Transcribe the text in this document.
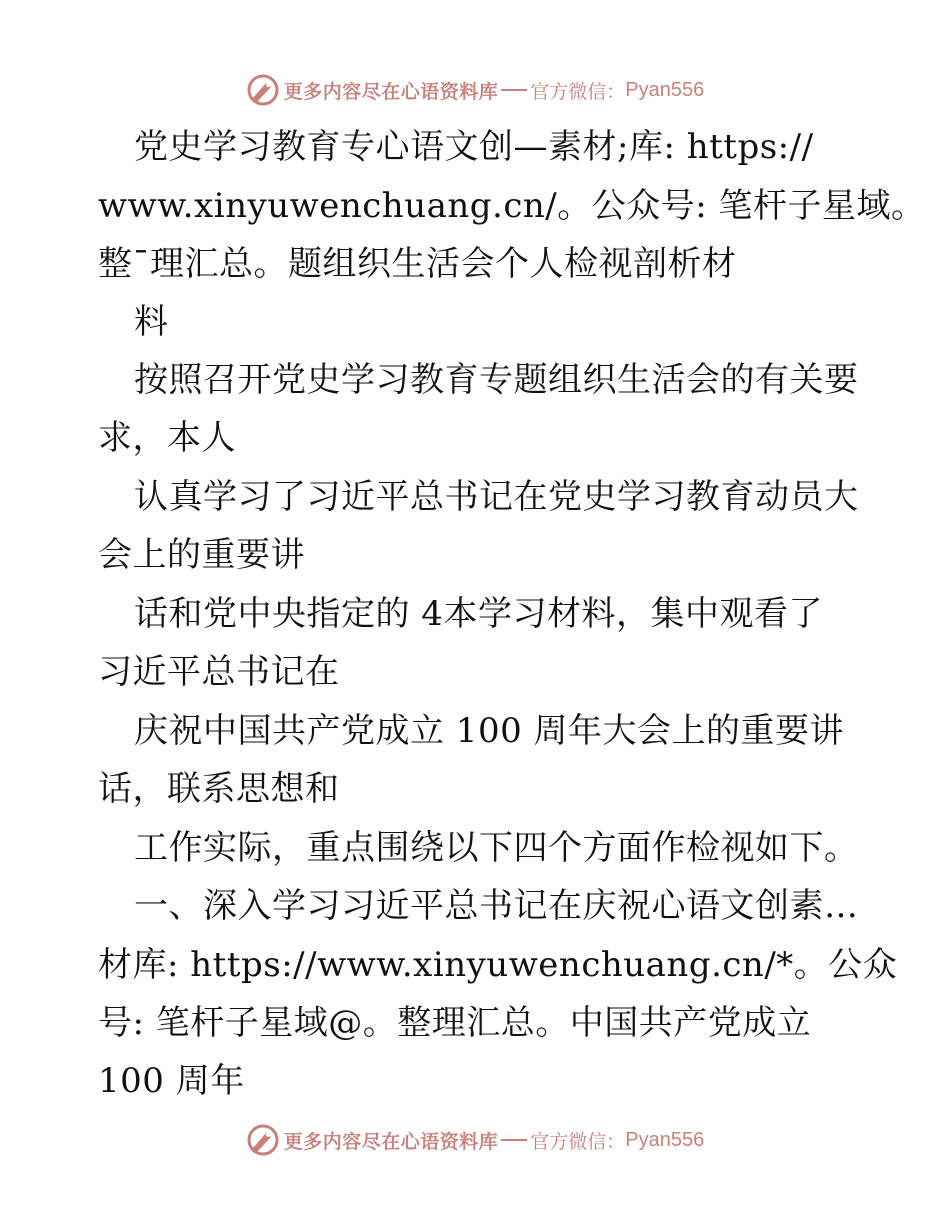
更多内容尽在心语资料库 官方微信： Pyan556
党史学习教育专心语文创—素材;库: https://
www.xinyuwenchuang.cn/。公众号: 笔杆子星域。
整¯理汇总。题组织生活会个人检视剖析材
料
按照召开党史学习教育专题组织生活会的有关要
求，本人
认真学习了习近平总书记在党史学习教育动员大
会上的重要讲
话和党中央指定的 4本学习材料，集中观看了
习近平总书记在
庆祝中国共产党成立 100 周年大会上的重要讲
话，联系思想和
工作实际，重点围绕以下四个方面作检视如下。
一、深入学习习近平总书记在庆祝心语文创素…
材库: https://www.xinyuwenchuang.cn/*。公众
号: 笔杆子星域@。整理汇总。中国共产党成立
100 周年
更多内容尽在心语资料库 官方微信： Pyan556
